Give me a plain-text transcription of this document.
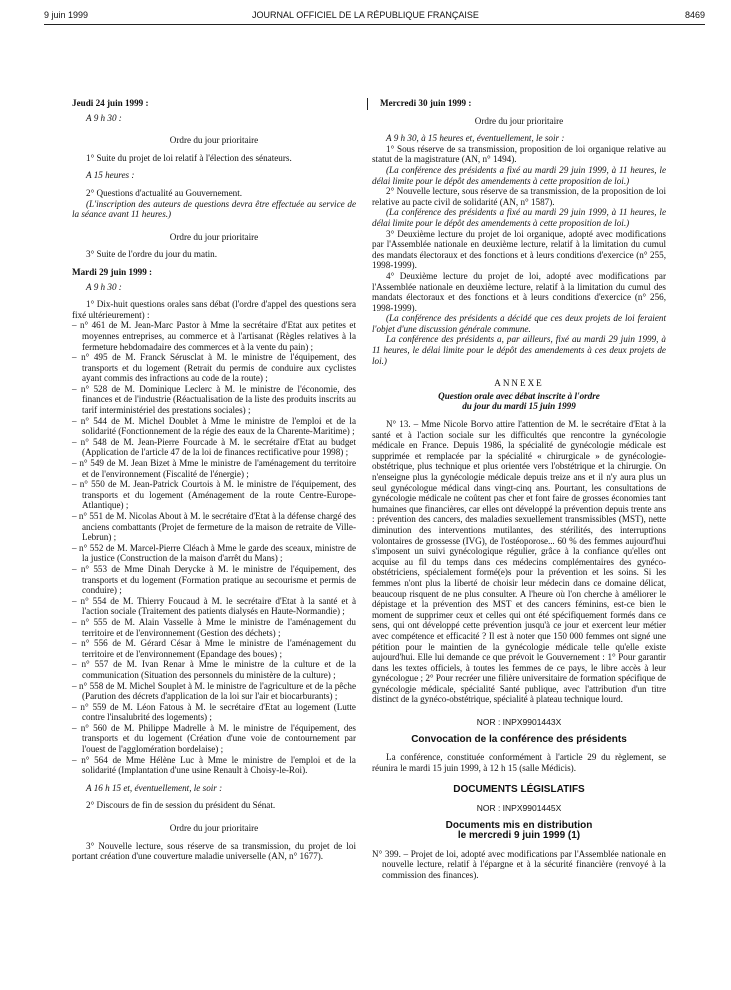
9 juin 1999	JOURNAL OFFICIEL DE LA RÉPUBLIQUE FRANÇAISE	8469

Jeudi 24 juin 1999 :

A 9 h 30 :

Ordre du jour prioritaire

1° Suite du projet de loi relatif à l'élection des sénateurs.

A 15 heures :

2° Questions d'actualité au Gouvernement.

(L'inscription des auteurs de questions devra être effectuée au service de la séance avant 11 heures.)

Ordre du jour prioritaire

3° Suite de l'ordre du jour du matin.

Mardi 29 juin 1999 :

A 9 h 30 :

1° Dix-huit questions orales sans débat (l'ordre d'appel des questions sera fixé ultérieurement) :

– n° 461 de M. Jean-Marc Pastor à Mme la secrétaire d'Etat aux petites et moyennes entreprises, au commerce et à l'artisanat (Règles relatives à la fermeture hebdomadaire des commerces et à la vente du pain) ;

– n° 495 de M. Franck Sérusclat à M. le ministre de l'équipement, des transports et du logement (Retrait du permis de conduire aux cyclistes ayant commis des infractions au code de la route) ;

– n° 528 de M. Dominique Leclerc à M. le ministre de l'économie, des finances et de l'industrie (Réactualisation de la liste des produits inscrits au tarif interministériel des prestations sociales) ;

– n° 544 de M. Michel Doublet à Mme le ministre de l'emploi et de la solidarité (Fonctionnement de la régie des eaux de la Charente-Maritime) ;

– n° 548 de M. Jean-Pierre Fourcade à M. le secrétaire d'Etat au budget (Application de l'article 47 de la loi de finances rectificative pour 1998) ;

– n° 549 de M. Jean Bizet à Mme le ministre de l'aménagement du territoire et de l'environnement (Fiscalité de l'énergie) ;

– n° 550 de M. Jean-Patrick Courtois à M. le ministre de l'équipement, des transports et du logement (Aménagement de la route Centre-Europe-Atlantique) ;

– n° 551 de M. Nicolas About à M. le secrétaire d'Etat à la défense chargé des anciens combattants (Projet de fermeture de la maison de retraite de Ville-Lebrun) ;

– n° 552 de M. Marcel-Pierre Cléach à Mme le garde des sceaux, ministre de la justice (Construction de la maison d'arrêt du Mans) ;

– n° 553 de Mme Dinah Derycke à M. le ministre de l'équipement, des transports et du logement (Formation pratique au secourisme et permis de conduire) ;

– n° 554 de M. Thierry Foucaud à M. le secrétaire d'Etat à la santé et à l'action sociale (Traitement des patients dialysés en Haute-Normandie) ;

– n° 555 de M. Alain Vasselle à Mme le ministre de l'aménagement du territoire et de l'environnement (Gestion des déchets) ;

– n° 556 de M. Gérard César à Mme le ministre de l'aménagement du territoire et de l'environnement (Epandage des boues) ;

– n° 557 de M. Ivan Renar à Mme le ministre de la culture et de la communication (Situation des personnels du ministère de la culture) ;

– n° 558 de M. Michel Souplet à M. le ministre de l'agriculture et de la pêche (Parution des décrets d'application de la loi sur l'air et biocarburants) ;

– n° 559 de M. Léon Fatous à M. le secrétaire d'Etat au logement (Lutte contre l'insalubrité des logements) ;

– n° 560 de M. Philippe Madrelle à M. le ministre de l'équipement, des transports et du logement (Création d'une voie de contournement par l'ouest de l'agglomération bordelaise) ;

– n° 564 de Mme Hélène Luc à Mme le ministre de l'emploi et de la solidarité (Implantation d'une usine Renault à Choisy-le-Roi).

A 16 h 15 et, éventuellement, le soir :

2° Discours de fin de session du président du Sénat.

Ordre du jour prioritaire

3° Nouvelle lecture, sous réserve de sa transmission, du projet de loi portant création d'une couverture maladie universelle (AN, n° 1677).

Mercredi 30 juin 1999 :

Ordre du jour prioritaire

A 9 h 30, à 15 heures et, éventuellement, le soir :

1° Sous réserve de sa transmission, proposition de loi organique relative au statut de la magistrature (AN, n° 1494).

(La conférence des présidents a fixé au mardi 29 juin 1999, à 11 heures, le délai limite pour le dépôt des amendements à cette proposition de loi.)

2° Nouvelle lecture, sous réserve de sa transmission, de la proposition de loi relative au pacte civil de solidarité (AN, n° 1587).

(La conférence des présidents a fixé au mardi 29 juin 1999, à 11 heures, le délai limite pour le dépôt des amendements à cette proposition de loi.)

3° Deuxième lecture du projet de loi organique, adopté avec modifications par l'Assemblée nationale en deuxième lecture, relatif à la limitation du cumul des mandats électoraux et des fonctions et à leurs conditions d'exercice (n° 255, 1998-1999).

4° Deuxième lecture du projet de loi, adopté avec modifications par l'Assemblée nationale en deuxième lecture, relatif à la limitation du cumul des mandats électoraux et des fonctions et à leurs conditions d'exercice (n° 256, 1998-1999).

(La conférence des présidents a décidé que ces deux projets de loi feraient l'objet d'une discussion générale commune.

La conférence des présidents a, par ailleurs, fixé au mardi 29 juin 1999, à 11 heures, le délai limite pour le dépôt des amendements à ces deux projets de loi.)

ANNEXE

Question orale avec débat inscrite à l'ordre

du jour du mardi 15 juin 1999

N° 13. – Mme Nicole Borvo attire l'attention de M. le secrétaire d'Etat à la santé et à l'action sociale sur les difficultés que rencontre la gynécologie médicale en France. Depuis 1986, la spécialité de gynécologie médicale est supprimée et remplacée par la spécialité « chirurgicale » de gynécologie-obstétrique, plus technique et plus orientée vers l'obstétrique et la chirurgie. On n'enseigne plus la gynécologie médicale depuis treize ans et il n'y aura plus un seul gynécologue médical dans vingt-cinq ans. Pourtant, les consultations de gynécologie médicale ne coûtent pas cher et font faire de grosses économies tant humaines que financières, car elles ont développé la prévention depuis trente ans : prévention des cancers, des maladies sexuellement transmissibles (MST), nette diminution des interventions mutilantes, des stérilités, des interruptions volontaires de grossesse (IVG), de l'ostéoporose... 60 % des femmes aujourd'hui s'imposent un suivi gynécologique régulier, grâce à la confiance qu'elles ont acquise au fil du temps dans ces médecins complémentaires des gynéco-obstétriciens, spécialement formé(e)s pour la prévention et les soins. Si les femmes n'ont plus la liberté de choisir leur médecin dans ce domaine délicat, beaucoup risquent de ne plus consulter. A l'heure où l'on cherche à améliorer le dépistage et la prévention des MST et des cancers féminins, est-ce bien le moment de supprimer ceux et celles qui ont été spécifiquement formés dans ce sens, qui ont développé cette prévention jusqu'à ce jour et exercent leur métier avec compétence et efficacité ? Il est à noter que 150 000 femmes ont signé une pétition pour le maintien de la gynécologie médicale telle qu'elle existe aujourd'hui. Elle lui demande ce que prévoit le Gouvernement : 1° Pour garantir dans les textes officiels, à toutes les femmes de ce pays, le libre accès à leur gynécologue ; 2° Pour recréer une filière universitaire de formation spécifique de gynécologie médicale, spécialité Santé publique, avec l'attribution d'un titre distinct de la gynéco-obstétrique, spécialité à plateau technique lourd.

NOR : INPX9901443X

Convocation de la conférence des présidents

La conférence, constituée conformément à l'article 29 du règlement, se réunira le mardi 15 juin 1999, à 12 h 15 (salle Médicis).

DOCUMENTS LÉGISLATIFS

NOR : INPX9901445X

Documents mis en distribution

le mercredi 9 juin 1999 (1)

N° 399. – Projet de loi, adopté avec modifications par l'Assemblée nationale en nouvelle lecture, relatif à l'épargne et à la sécurité financière (renvoyé à la commission des finances).
